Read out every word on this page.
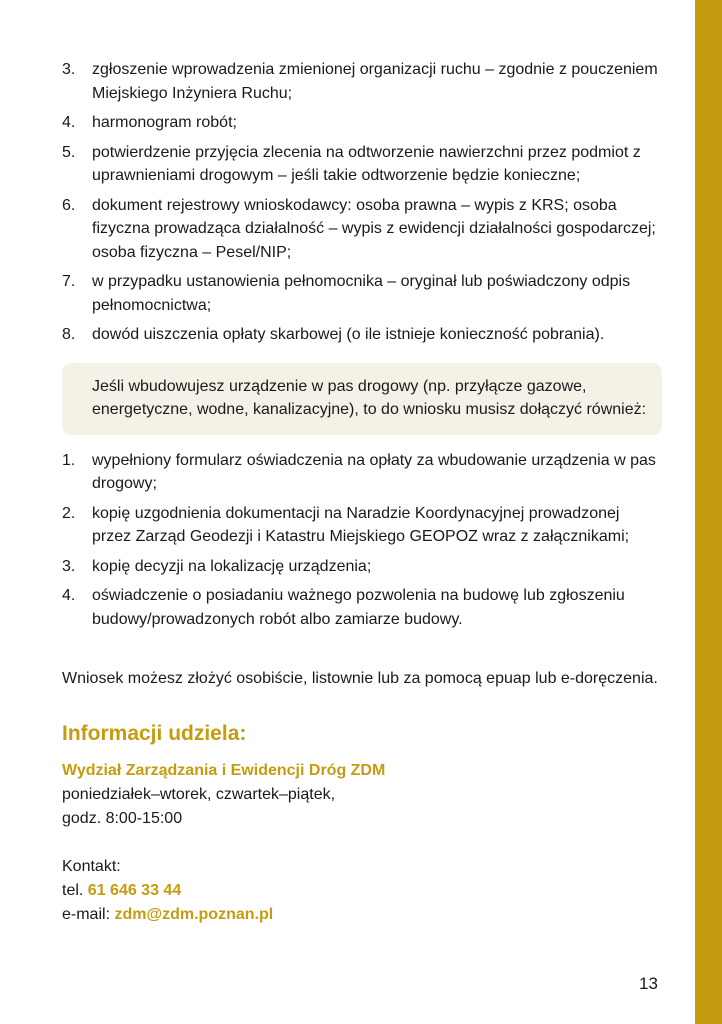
3. zgłoszenie wprowadzenia zmienionej organizacji ruchu – zgodnie z pouczeniem Miejskiego Inżyniera Ruchu;
4. harmonogram robót;
5. potwierdzenie przyjęcia zlecenia na odtworzenie nawierzchni przez podmiot z uprawnieniami drogowym – jeśli takie odtworzenie będzie konieczne;
6. dokument rejestrowy wnioskodawcy: osoba prawna – wypis z KRS; osoba fizyczna prowadząca działalność – wypis z ewidencji działalności gospodarczej; osoba fizyczna – Pesel/NIP;
7. w przypadku ustanowienia pełnomocnika – oryginał lub poświadczony odpis pełnomocnictwa;
8. dowód uiszczenia opłaty skarbowej (o ile istnieje konieczność pobrania).
Jeśli wbudowujesz urządzenie w pas drogowy (np. przyłącze gazowe, energetyczne, wodne, kanalizacyjne), to do wniosku musisz dołączyć również:
1. wypełniony formularz oświadczenia na opłaty za wbudowanie urządzenia w pas drogowy;
2. kopię uzgodnienia dokumentacji na Naradzie Koordynacyjnej prowadzonej przez Zarząd Geodezji i Katastru Miejskiego GEOPOZ wraz z załącznikami;
3. kopię decyzji na lokalizację urządzenia;
4. oświadczenie o posiadaniu ważnego pozwolenia na budowę lub zgłoszeniu budowy/prowadzonych robót albo zamiarze budowy.
Wniosek możesz złożyć osobiście, listownie lub za pomocą epuap lub e-doręczenia.
Informacji udziela:
Wydział Zarządzania i Ewidencji Dróg ZDM
poniedziałek–wtorek, czwartek–piątek,
godz. 8:00-15:00
Kontakt:
tel. 61 646 33 44
e-mail: zdm@zdm.poznan.pl
13
